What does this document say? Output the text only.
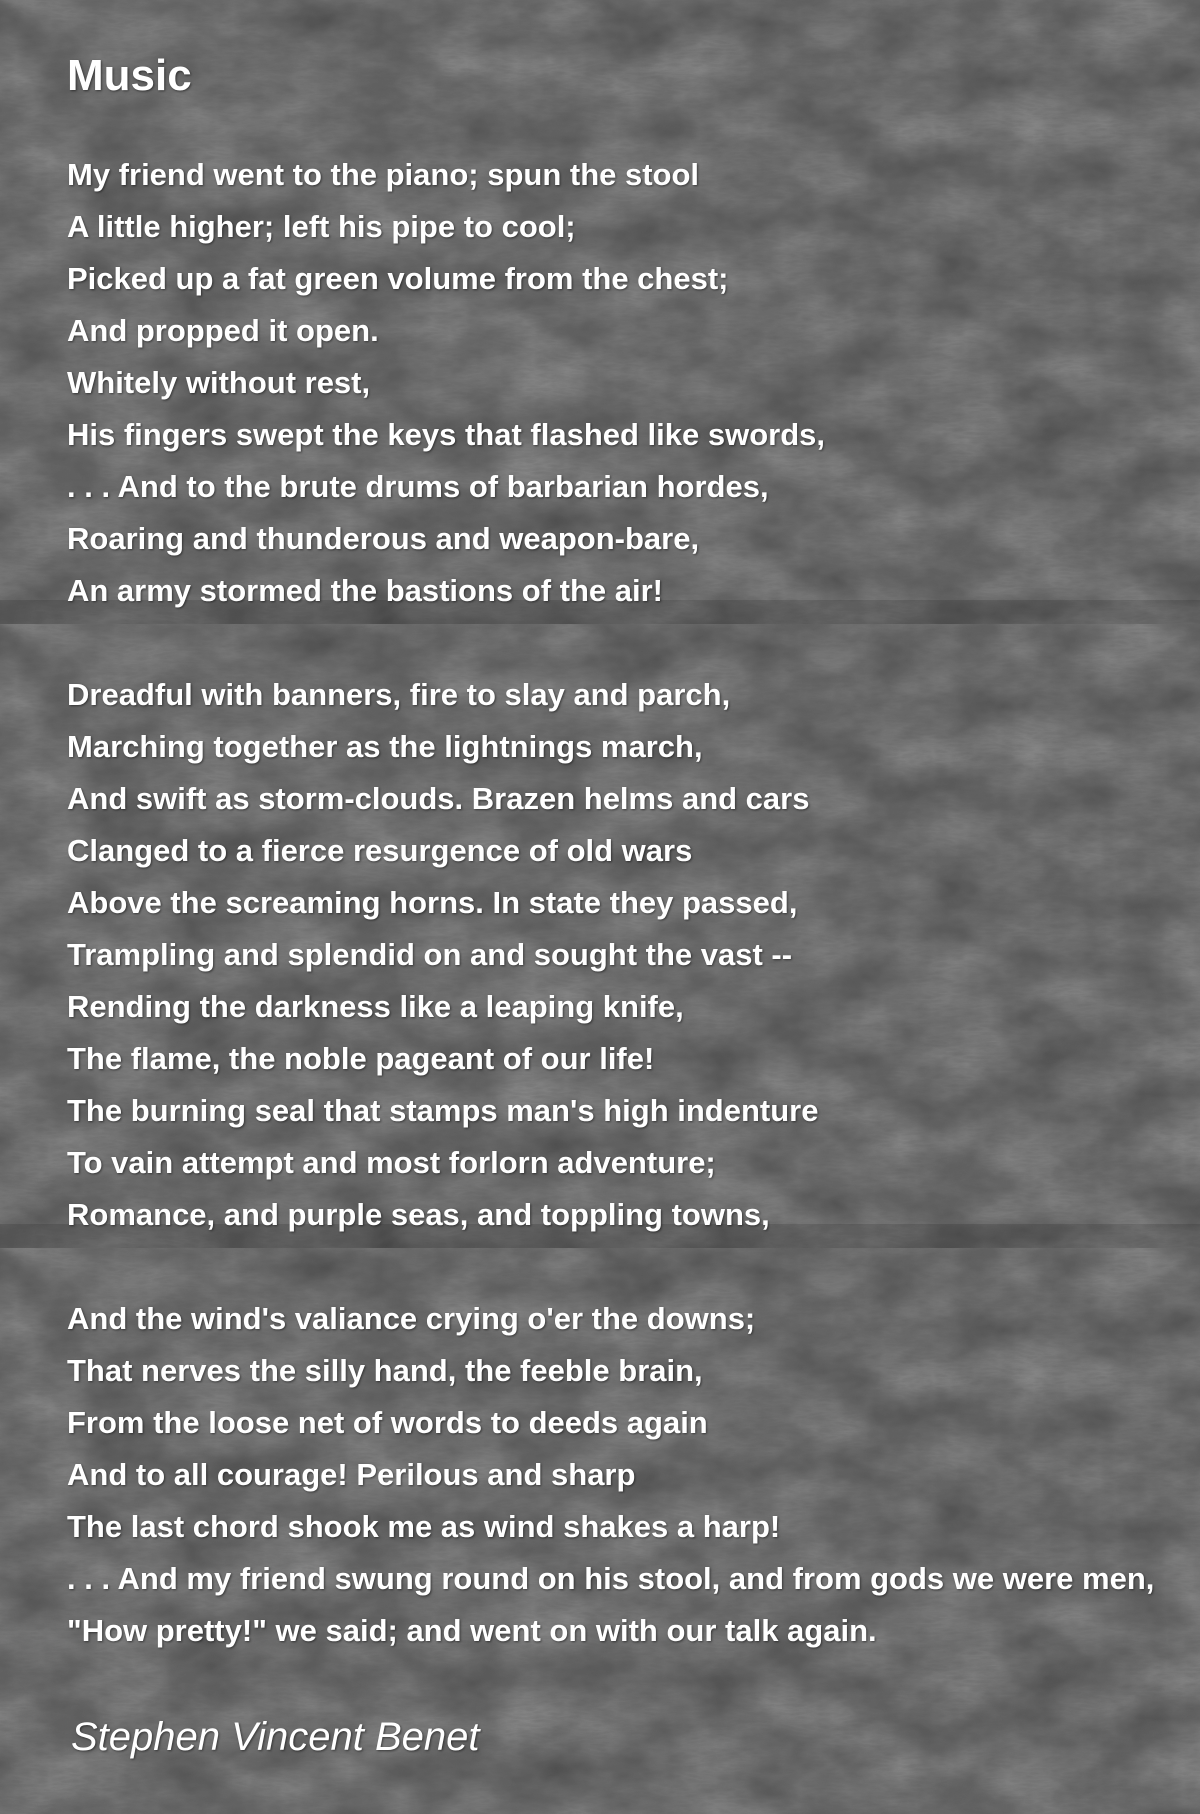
Music
My friend went to the piano; spun the stool
A little higher; left his pipe to cool;
Picked up a fat green volume from the chest;
And propped it open.
Whitely without rest,
His fingers swept the keys that flashed like swords,
. . . And to the brute drums of barbarian hordes,
Roaring and thunderous and weapon-bare,
An army stormed the bastions of the air!
Dreadful with banners, fire to slay and parch,
Marching together as the lightnings march,
And swift as storm-clouds. Brazen helms and cars
Clanged to a fierce resurgence of old wars
Above the screaming horns. In state they passed,
Trampling and splendid on and sought the vast --
Rending the darkness like a leaping knife,
The flame, the noble pageant of our life!
The burning seal that stamps man's high indenture
To vain attempt and most forlorn adventure;
Romance, and purple seas, and toppling towns,
And the wind's valiance crying o'er the downs;
That nerves the silly hand, the feeble brain,
From the loose net of words to deeds again
And to all courage! Perilous and sharp
The last chord shook me as wind shakes a harp!
. . . And my friend swung round on his stool, and from gods we were men,
"How pretty!" we said; and went on with our talk again.

Stephen Vincent Benet
